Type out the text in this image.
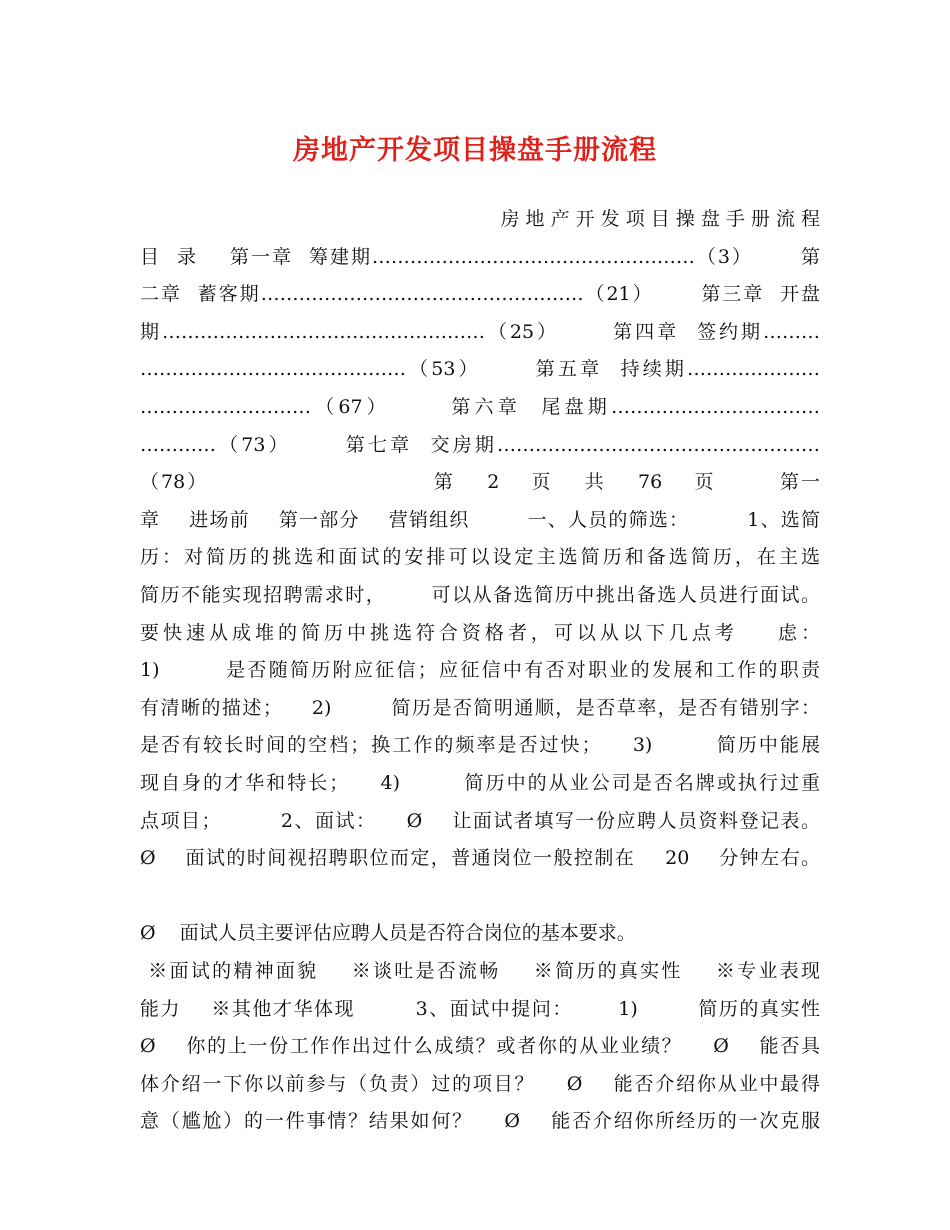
房地产开发项目操盘手册流程
房 地 产 开 发 项 目 操 盘 手 册 流 程
目  录    第一章  筹建期……………………………………………（3）      第
二章  蓄客期……………………………………………（21）      第三章  开盘
期……………………………………………（25）      第四章  签约期………
……………………………………（53）      第五章  持续期…………………
………………………（67）      第六章  尾盘期……………………………
…………（73）      第七章  交房期……………………………………………
（78）                            第    2    页    共    76    页        第一
章    进场前    第一部分    营销组织        一、人员的筛选：        1、选简
历：对简历的挑选和面试的安排可以设定主选简历和备选简历，在主选
简历不能实现招聘需求时，      可以从备选简历中挑出备选人员进行面试。
要快速从成堆的简历中挑选符合资格者，可以从以下几点考    虑：
1)        是否随简历附应征信；应征信中有否对职业的发展和工作的职责
有清晰的描述；    2)        简历是否简明通顺，是否草率，是否有错别字：
是否有较长时间的空档；换工作的频率是否过快；    3)        简历中能展
现自身的才华和特长；    4)        简历中的从业公司是否名牌或执行过重
点项目；        2、面试：    Ø    让面试者填写一份应聘人员资料登记表。
Ø    面试的时间视招聘职位而定，普通岗位一般控制在    20    分钟左右。
Ø    面试人员主要评估应聘人员是否符合岗位的基本要求。
※面试的精神面貌    ※谈吐是否流畅    ※简历的真实性    ※专业表现
能力    ※其他才华体现        3、面试中提问：      1)        简历的真实性
Ø    你的上一份工作作出过什么成绩？或者你的从业业绩？    Ø    能否具
体介绍一下你以前参与（负责）过的项目？    Ø    能否介绍你从业中最得
意（尴尬）的一件事情？结果如何？    Ø    能否介绍你所经历的一次克服
